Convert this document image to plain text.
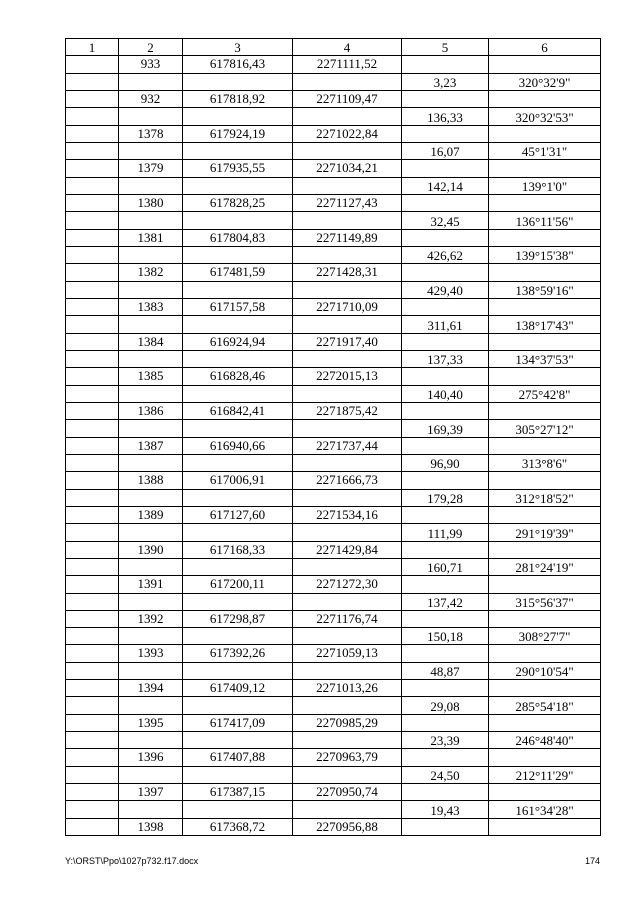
1	2	3	4	5	6
	933	617816,43	2271111,52		
				3,23	320°32'9"
	932	617818,92	2271109,47		
				136,33	320°32'53"
	1378	617924,19	2271022,84		
				16,07	45°1'31"
	1379	617935,55	2271034,21		
				142,14	139°1'0"
	1380	617828,25	2271127,43		
				32,45	136°11'56"
	1381	617804,83	2271149,89		
				426,62	139°15'38"
	1382	617481,59	2271428,31		
				429,40	138°59'16"
	1383	617157,58	2271710,09		
				311,61	138°17'43"
	1384	616924,94	2271917,40		
				137,33	134°37'53"
	1385	616828,46	2272015,13		
				140,40	275°42'8"
	1386	616842,41	2271875,42		
				169,39	305°27'12"
	1387	616940,66	2271737,44		
				96,90	313°8'6"
	1388	617006,91	2271666,73		
				179,28	312°18'52"
	1389	617127,60	2271534,16		
				111,99	291°19'39"
	1390	617168,33	2271429,84		
				160,71	281°24'19"
	1391	617200,11	2271272,30		
				137,42	315°56'37"
	1392	617298,87	2271176,74		
				150,18	308°27'7"
	1393	617392,26	2271059,13		
				48,87	290°10'54"
	1394	617409,12	2271013,26		
				29,08	285°54'18"
	1395	617417,09	2270985,29		
				23,39	246°48'40"
	1396	617407,88	2270963,79		
				24,50	212°11'29"
	1397	617387,15	2270950,74		
				19,43	161°34'28"
	1398	617368,72	2270956,88		
Y:\ORST\Ppo\1027p732.f17.docx	174
